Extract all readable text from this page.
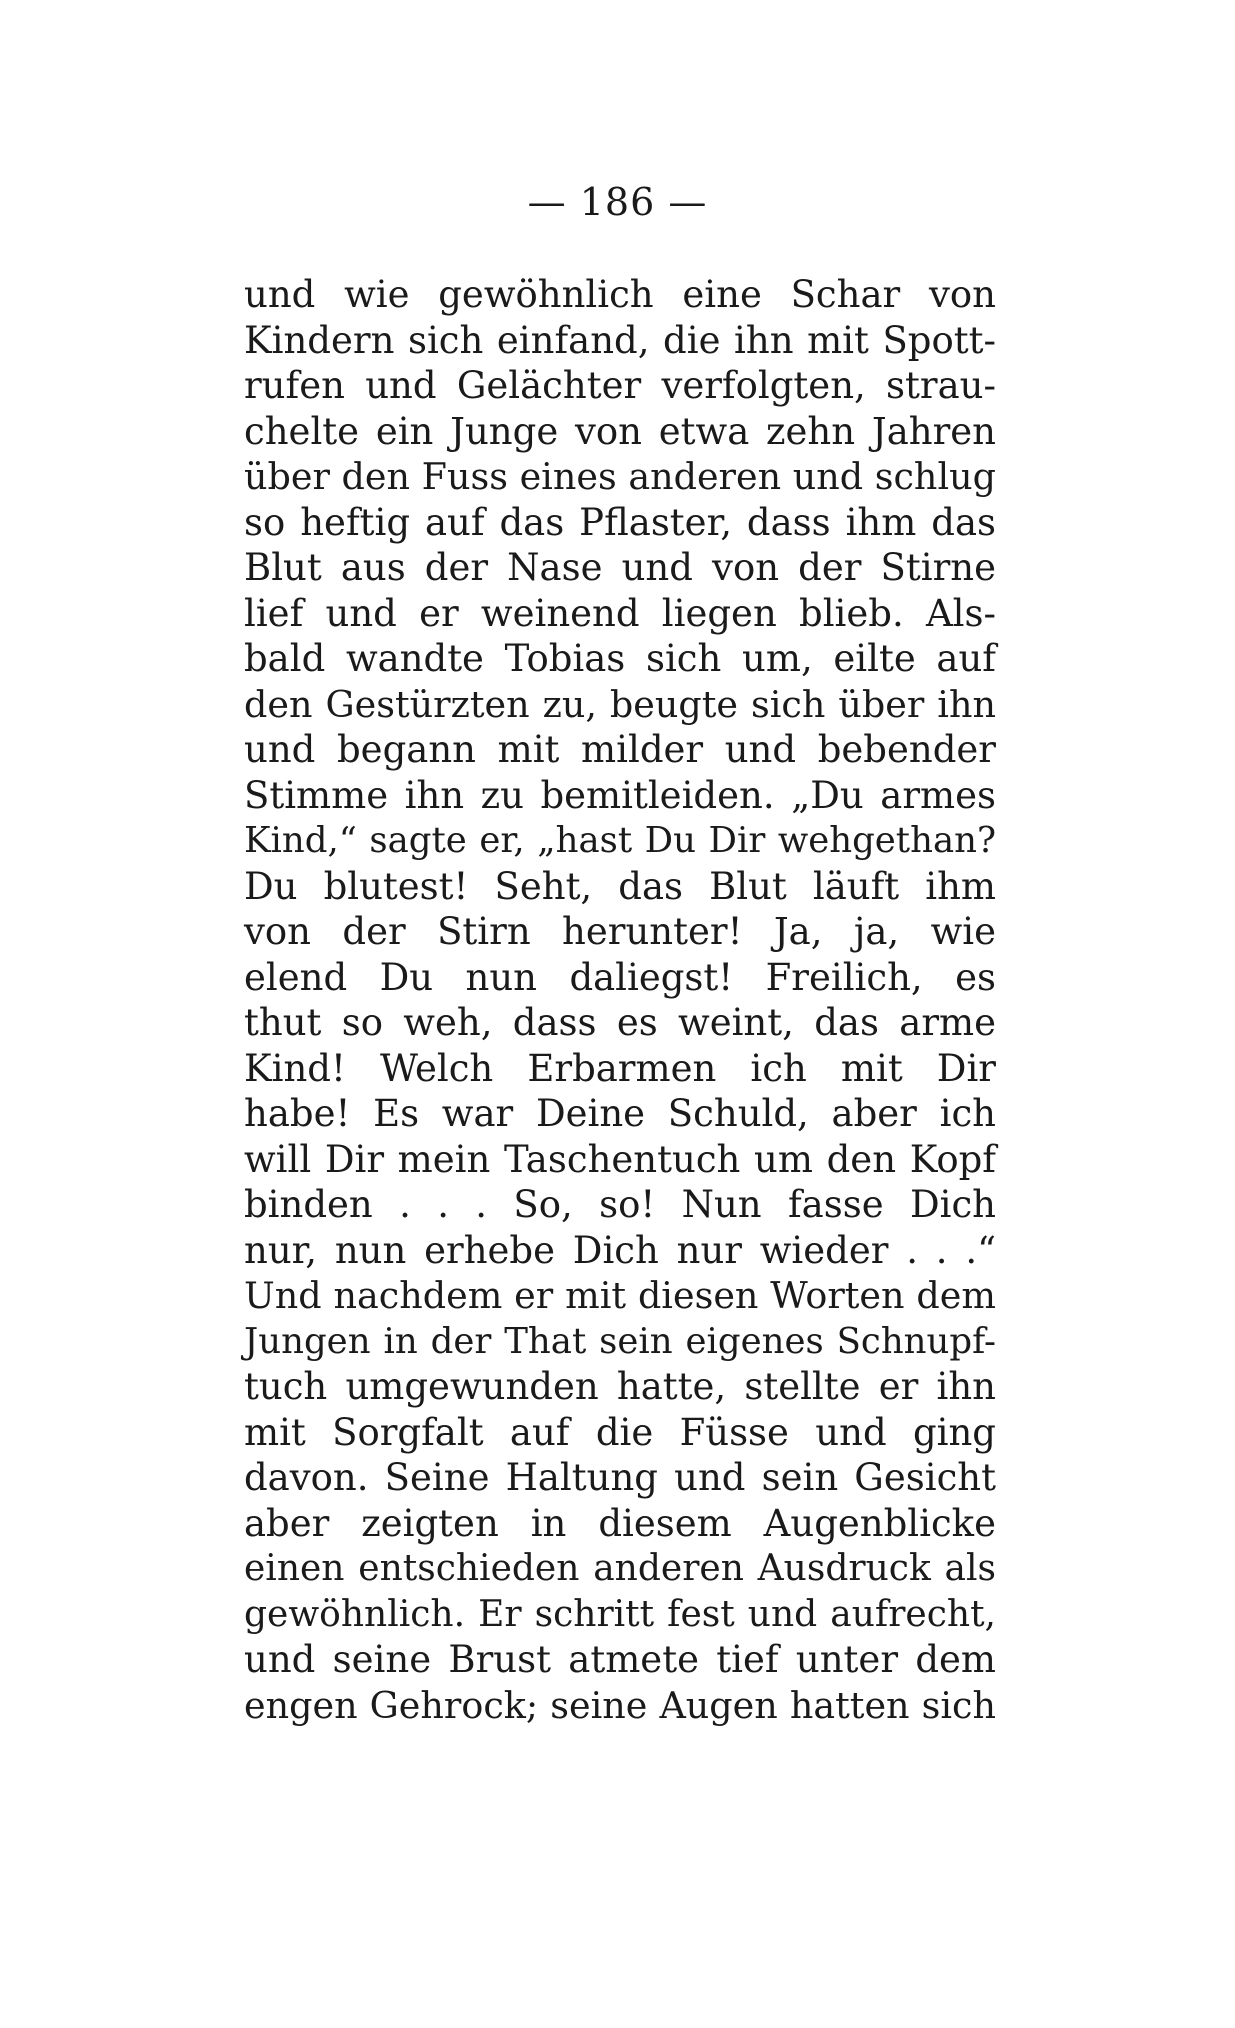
— 186 —
und wie gewöhnlich eine Schar von
Kindern sich einfand, die ihn mit Spott-
rufen und Gelächter verfolgten, strau-
chelte ein Junge von etwa zehn Jahren
über den Fuss eines anderen und schlug
so heftig auf das Pflaster, dass ihm das
Blut aus der Nase und von der Stirne
lief und er weinend liegen blieb. Als-
bald wandte Tobias sich um, eilte auf
den Gestürzten zu, beugte sich über ihn
und begann mit milder und bebender
Stimme ihn zu bemitleiden. „Du armes
Kind,“ sagte er, „hast Du Dir wehgethan?
Du blutest! Seht, das Blut läuft ihm
von der Stirn herunter! Ja, ja, wie
elend Du nun daliegst! Freilich, es
thut so weh, dass es weint, das arme
Kind! Welch Erbarmen ich mit Dir
habe! Es war Deine Schuld, aber ich
will Dir mein Taschentuch um den Kopf
binden . . . So, so! Nun fasse Dich
nur, nun erhebe Dich nur wieder . . .“
Und nachdem er mit diesen Worten dem
Jungen in der That sein eigenes Schnupf-
tuch umgewunden hatte, stellte er ihn
mit Sorgfalt auf die Füsse und ging
davon. Seine Haltung und sein Gesicht
aber zeigten in diesem Augenblicke
einen entschieden anderen Ausdruck als
gewöhnlich. Er schritt fest und aufrecht,
und seine Brust atmete tief unter dem
engen Gehrock; seine Augen hatten sich
